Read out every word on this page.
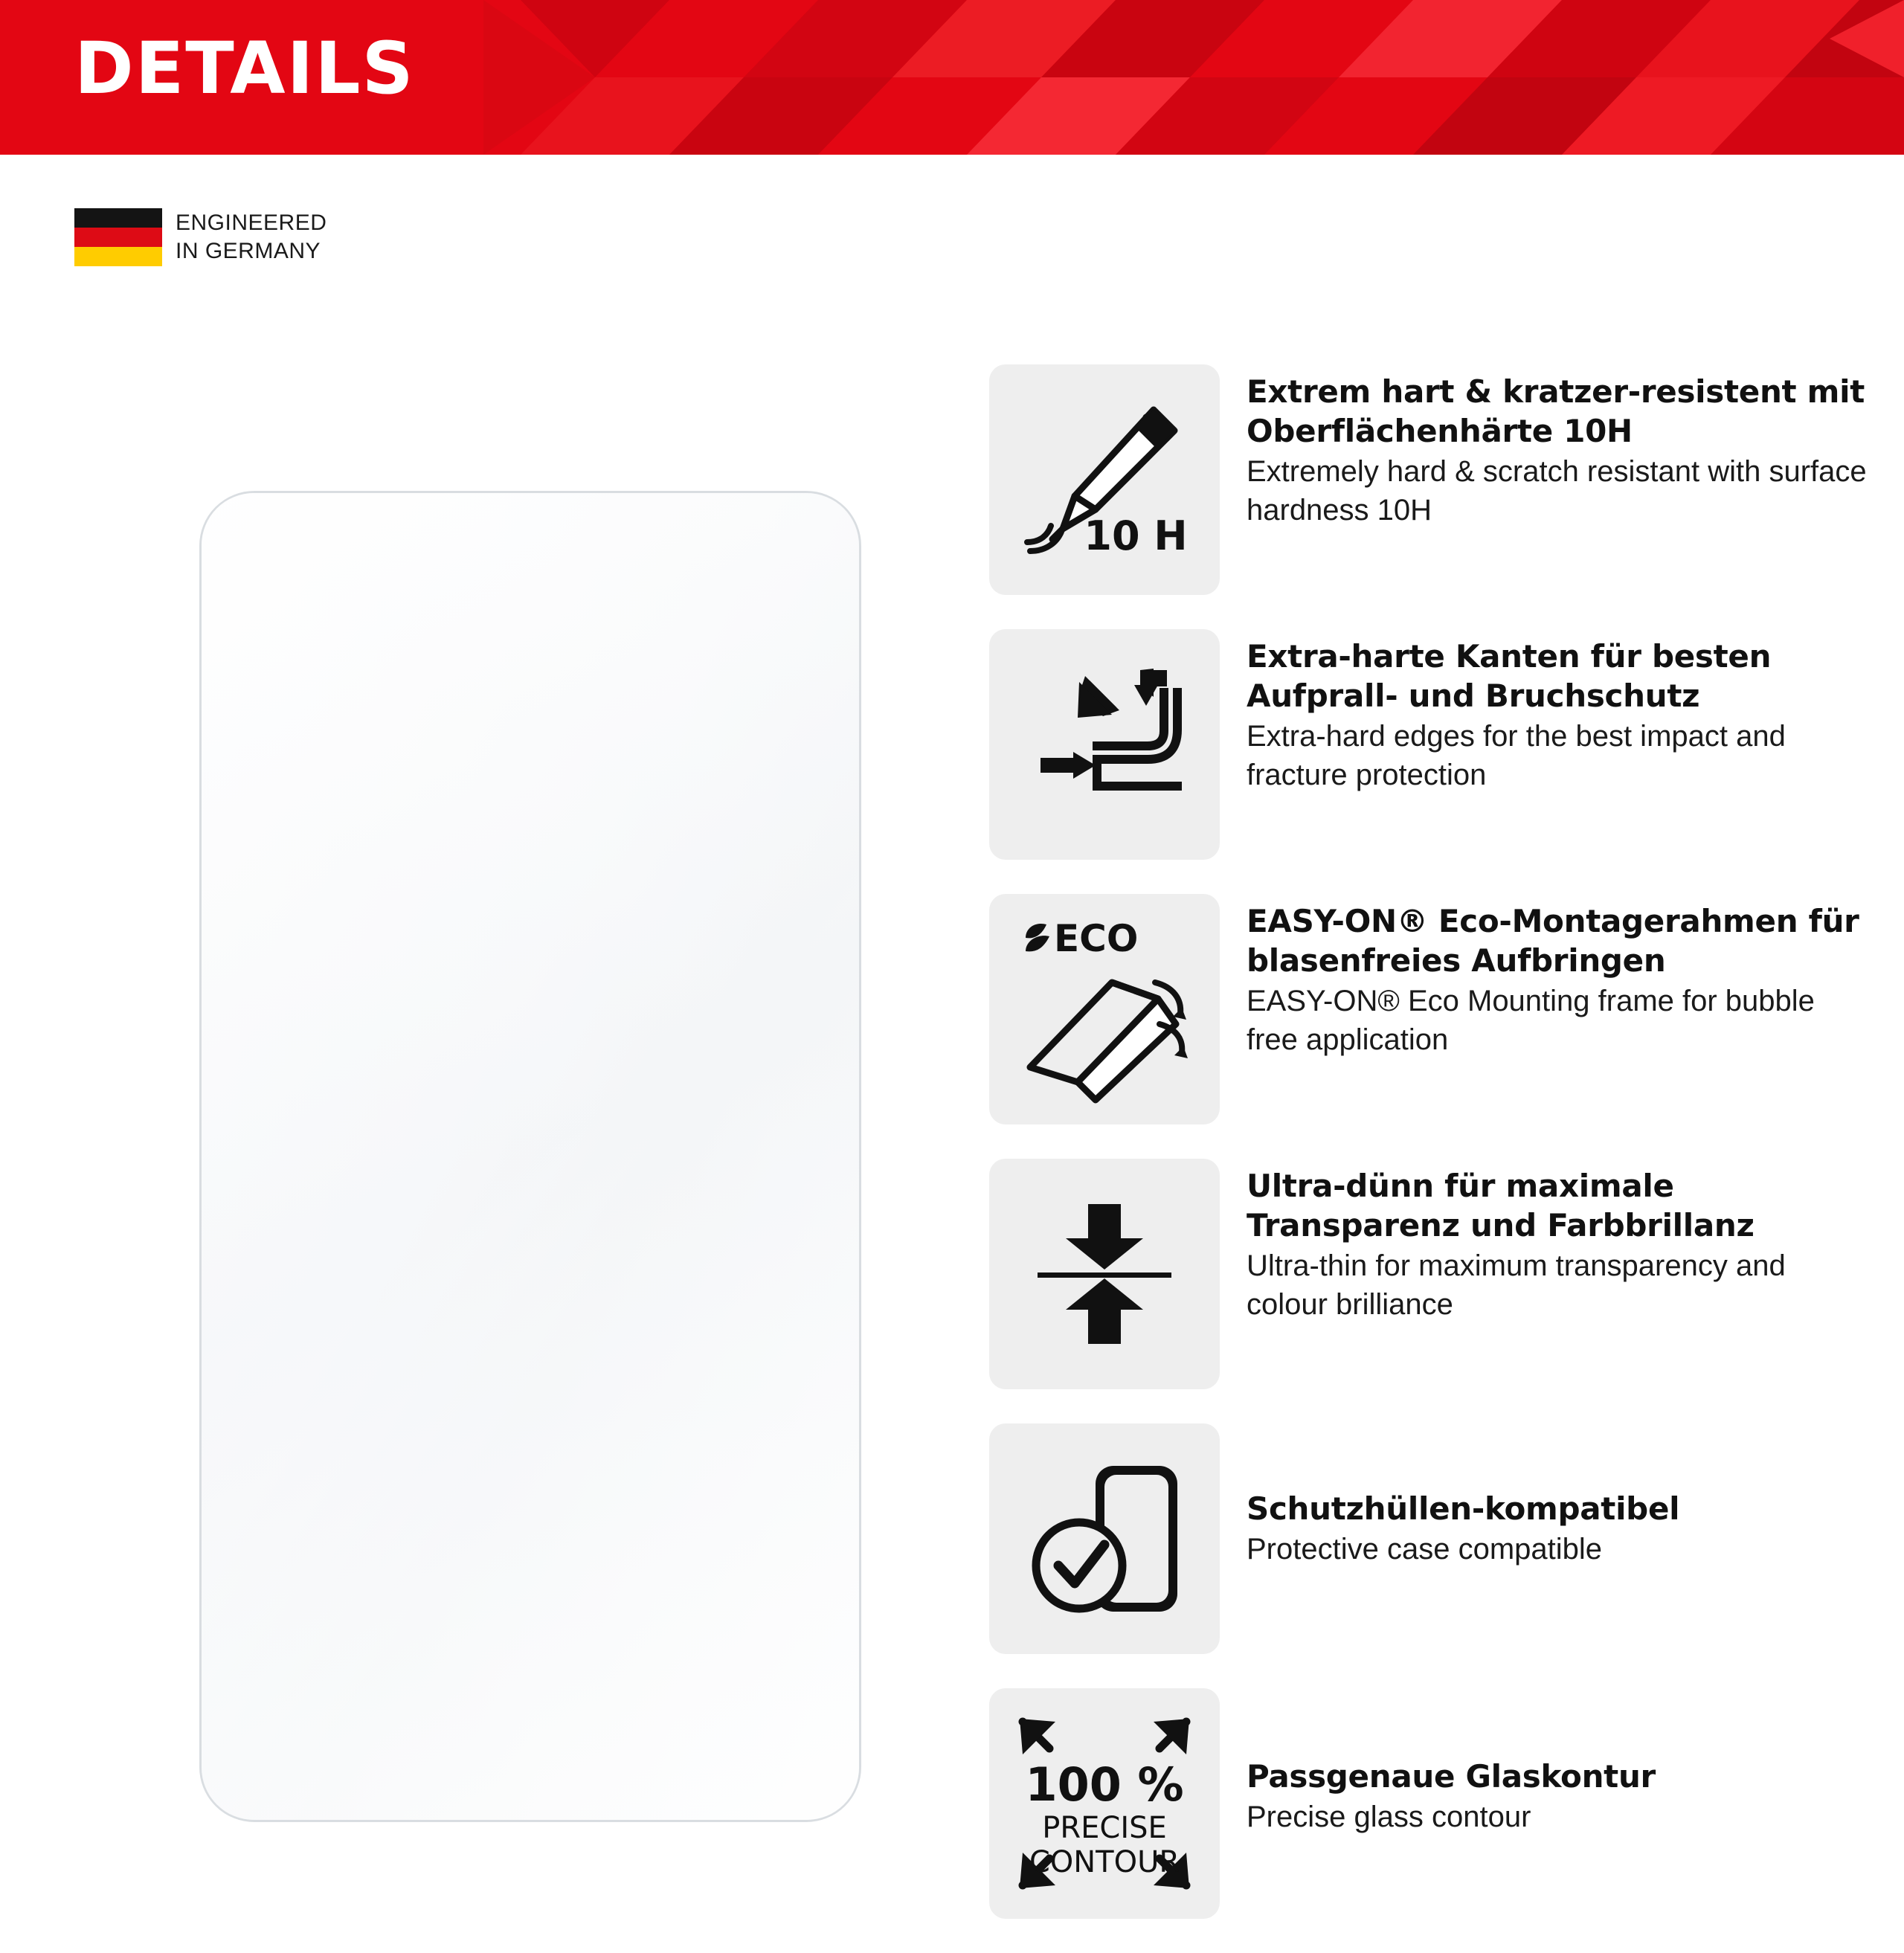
DETAILS
ENGINEERED
IN GERMANY
10 H
Extrem hart & kratzer-resistent mit Oberflächenhärte 10H
Extremely hard & scratch resistant with surface hardness 10H
Extra-harte Kanten für besten Aufprall- und Bruchschutz
Extra-hard edges for the best impact and fracture protection
ECO	EASY-ON® Eco-Montagerahmen für blasenfreies Aufbringen
EASY-ON® Eco Mounting frame for bubble free application
Ultra-dünn für maximale Transparenz und Farbbrillanz
Ultra-thin for maximum transparency and colour brilliance
Schutzhüllen-kompatibel
Protective case compatible
100 %
PRECISE
CONTOUR
Passgenaue Glaskontur
Precise glass contour
